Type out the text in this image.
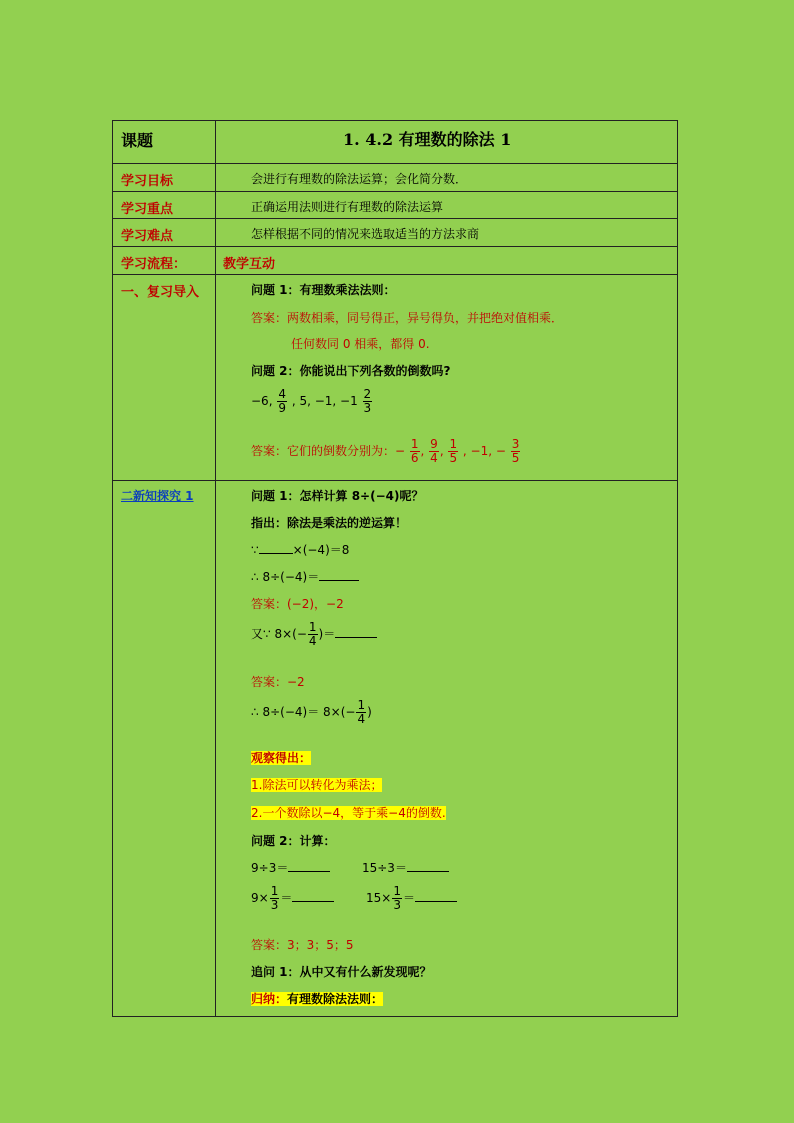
课题	1. 4.2 有理数的除法 1
学习目标	会进行有理数的除法运算；会化简分数．
学习重点	正确运用法则进行有理数的除法运算
学习难点	怎样根据不同的情况来选取适当的方法求商
学习流程：	教学互动
一、复习导入	问题 1：有理数乘法法则：
答案：两数相乘，同号得正，异号得负，并把绝对值相乘．
任何数同 0 相乘，都得 0.
问题 2：你能说出下列各数的倒数吗?
−6, $\frac{4}{9}$ , 5, −1, $-1 \frac{2}{3}$
答案：它们的倒数分别为：− $\frac{1}{6}$ , $\frac{9}{4}$ , $\frac{1}{5}$ , −1, − $\frac{3}{5}$
二新知探究 1	问题 1：怎样计算 8÷(−4)呢？
指出：除法是乘法的逆运算！
∵	×(−4)＝8
∴ 8÷(−4)＝
答案：(−2)，−2
又∵ $8\times(- \frac{1}{4}$ )＝
答案：−2
∴ $8\div(-4)= 8\times(- \frac{1}{4}$ )
观察得出：
1.除法可以转化为乘法；
2.一个数除以−4，等于乘−4的倒数.
问题 2：计算：
9÷3＝	15÷3＝
$9\times \frac{1}{3}$ ＝	$15\times \frac{1}{3}$ ＝
答案：3；3；5；5
追问 1：从中又有什么新发现呢？
归纳：有理数除法法则：
